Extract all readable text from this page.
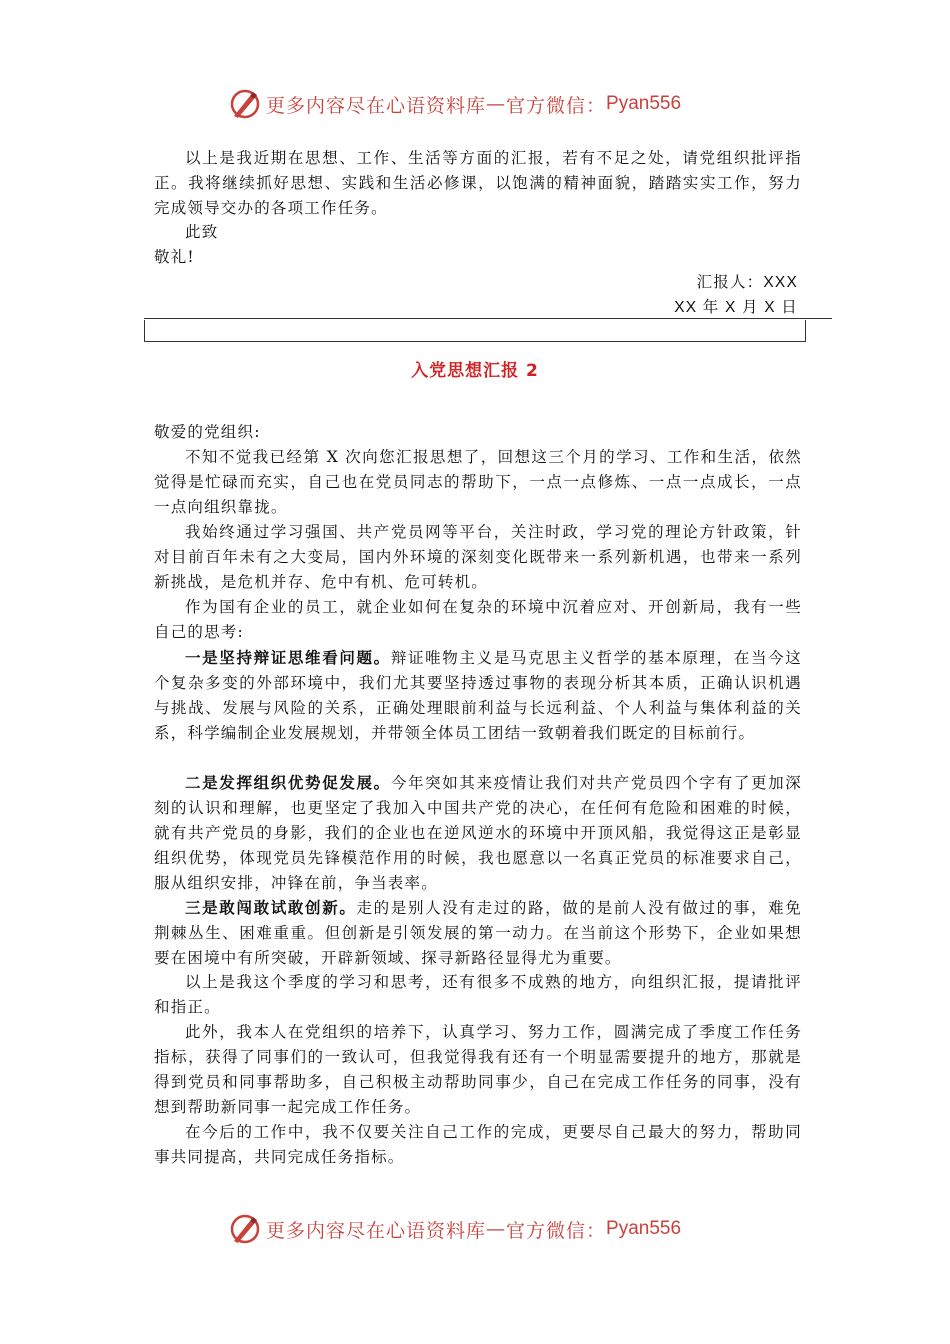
更多内容尽在心语资料库 — 官方微信： Pyan556

以上是我近期在思想、工作、生活等方面的汇报，若有不足之处，请党组织批评指正。我将继续抓好思想、实践和生活必修课，以饱满的精神面貌，踏踏实实工作，努力完成领导交办的各项工作任务。

此致

敬礼!

汇报人：XXX

XX 年 X 月 X 日

入党思想汇报 2

敬爱的党组织:

不知不觉我已经第 X 次向您汇报思想了，回想这三个月的学习、工作和生活，依然觉得是忙碌而充实，自己也在党员同志的帮助下，一点一点修炼、一点一点成长，一点一点向组织靠拢。

我始终通过学习强国、共产党员网等平台，关注时政，学习党的理论方针政策，针对目前百年未有之大变局，国内外环境的深刻变化既带来一系列新机遇，也带来一系列新挑战，是危机并存、危中有机、危可转机。

作为国有企业的员工，就企业如何在复杂的环境中沉着应对、开创新局，我有一些自己的思考:

一是坚持辩证思维看问题。辩证唯物主义是马克思主义哲学的基本原理，在当今这个复杂多变的外部环境中，我们尤其要坚持透过事物的表现分析其本质，正确认识机遇与挑战、发展与风险的关系，正确处理眼前利益与长远利益、个人利益与集体利益的关系，科学编制企业发展规划，并带领全体员工团结一致朝着我们既定的目标前行。

二是发挥组织优势促发展。今年突如其来疫情让我们对共产党员四个字有了更加深刻的认识和理解，也更坚定了我加入中国共产党的决心，在任何有危险和困难的时候，就有共产党员的身影，我们的企业也在逆风逆水的环境中开顶风船，我觉得这正是彰显组织优势，体现党员先锋模范作用的时候，我也愿意以一名真正党员的标准要求自己，服从组织安排，冲锋在前，争当表率。

三是敢闯敢试敢创新。走的是别人没有走过的路，做的是前人没有做过的事，难免荆棘丛生、困难重重。但创新是引领发展的第一动力。在当前这个形势下，企业如果想要在困境中有所突破，开辟新领域、探寻新路径显得尤为重要。

以上是我这个季度的学习和思考，还有很多不成熟的地方，向组织汇报，提请批评和指正。

此外，我本人在党组织的培养下，认真学习、努力工作，圆满完成了季度工作任务指标，获得了同事们的一致认可，但我觉得我有还有一个明显需要提升的地方，那就是得到党员和同事帮助多，自己积极主动帮助同事少，自己在完成工作任务的同事，没有想到帮助新同事一起完成工作任务。

在今后的工作中，我不仅要关注自己工作的完成，更要尽自己最大的努力，帮助同事共同提高，共同完成任务指标。

更多内容尽在心语资料库 — 官方微信： Pyan556
